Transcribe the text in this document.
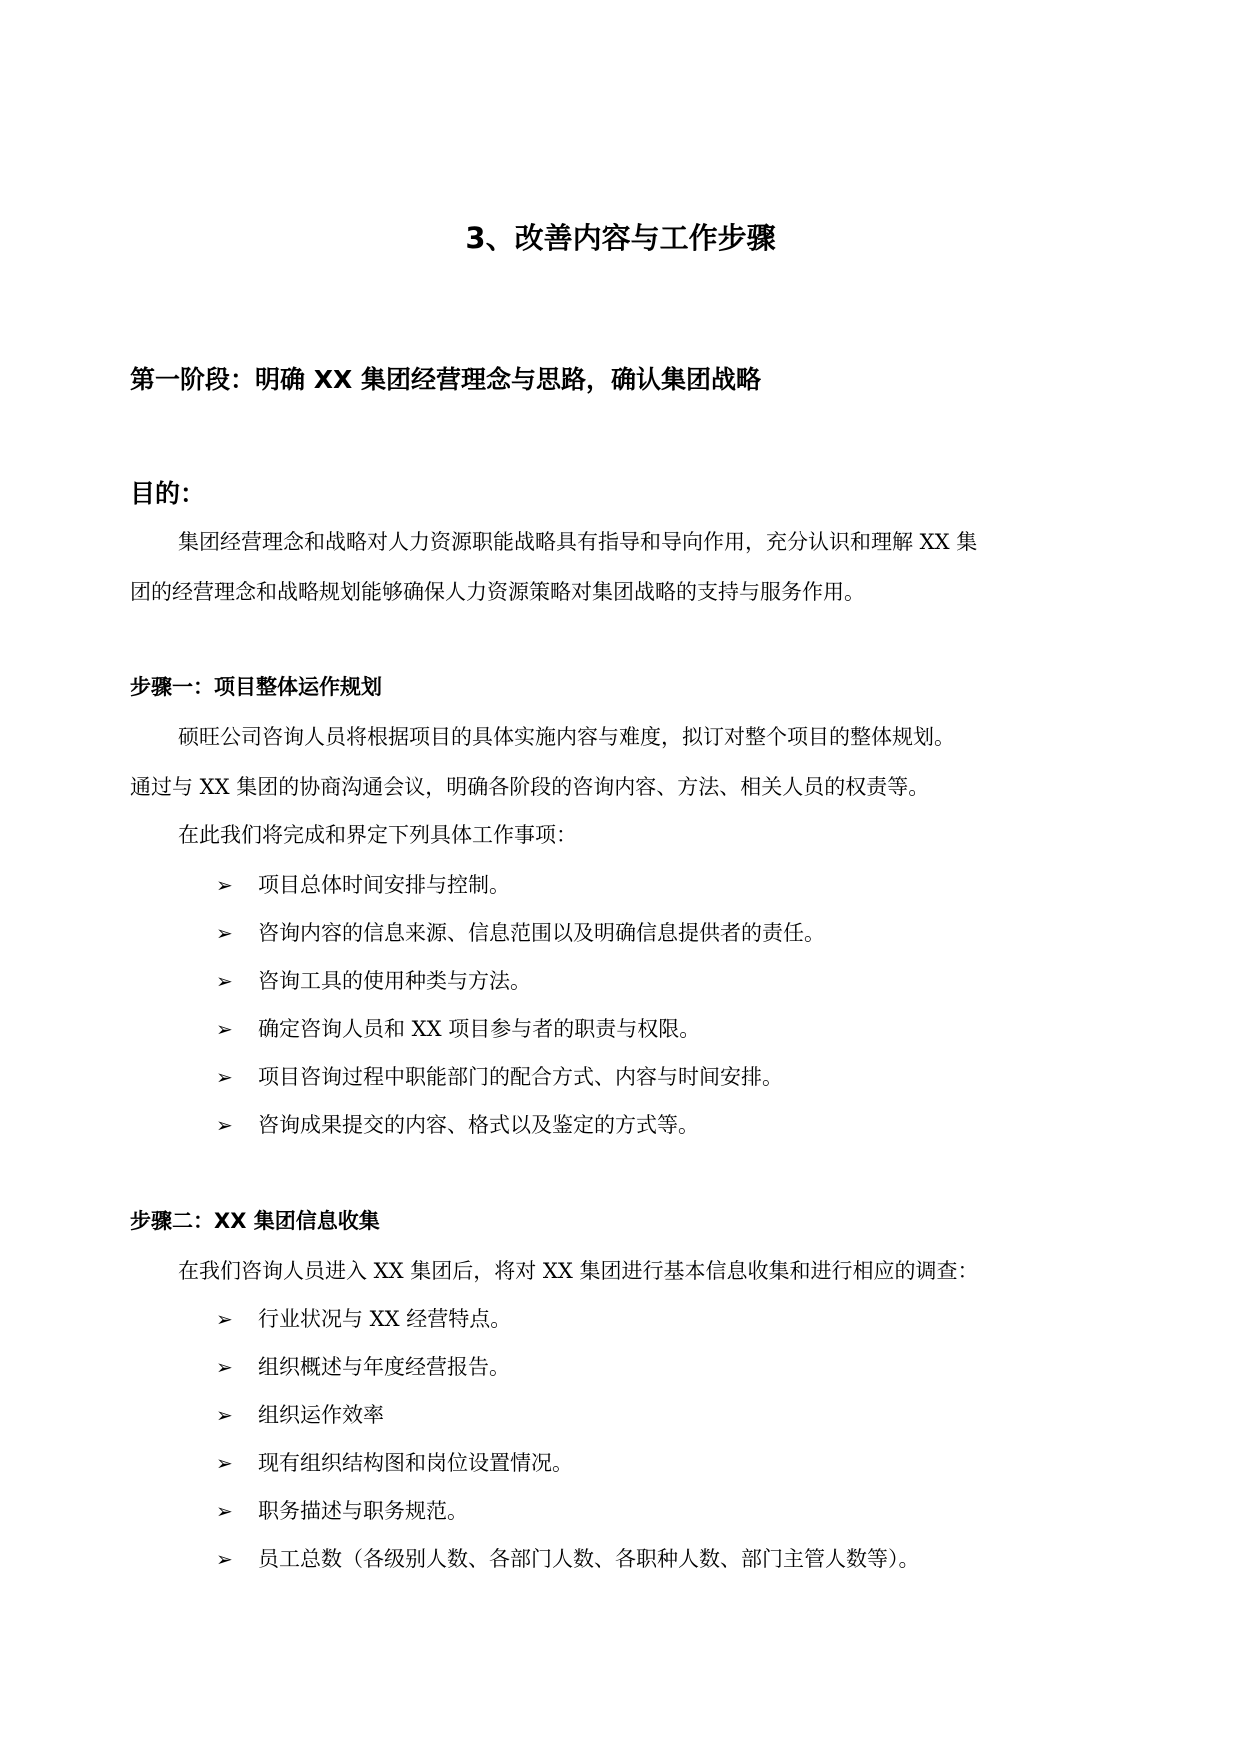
3、改善内容与工作步骤
第一阶段：明确 XX 集团经营理念与思路，确认集团战略
目的：
集团经营理念和战略对人力资源职能战略具有指导和导向作用，充分认识和理解 XX 集
团的经营理念和战略规划能够确保人力资源策略对集团战略的支持与服务作用。
步骤一：项目整体运作规划
硕旺公司咨询人员将根据项目的具体实施内容与难度，拟订对整个项目的整体规划。
通过与 XX 集团的协商沟通会议，明确各阶段的咨询内容、方法、相关人员的权责等。
在此我们将完成和界定下列具体工作事项：
➢ 项目总体时间安排与控制。
➢ 咨询内容的信息来源、信息范围以及明确信息提供者的责任。
➢ 咨询工具的使用种类与方法。
➢ 确定咨询人员和 XX 项目参与者的职责与权限。
➢ 项目咨询过程中职能部门的配合方式、内容与时间安排。
➢ 咨询成果提交的内容、格式以及鉴定的方式等。
步骤二：XX 集团信息收集
在我们咨询人员进入 XX 集团后，将对 XX 集团进行基本信息收集和进行相应的调查：
➢ 行业状况与 XX 经营特点。
➢ 组织概述与年度经营报告。
➢ 组织运作效率
➢ 现有组织结构图和岗位设置情况。
➢ 职务描述与职务规范。
➢ 员工总数（各级别人数、各部门人数、各职种人数、部门主管人数等）。
